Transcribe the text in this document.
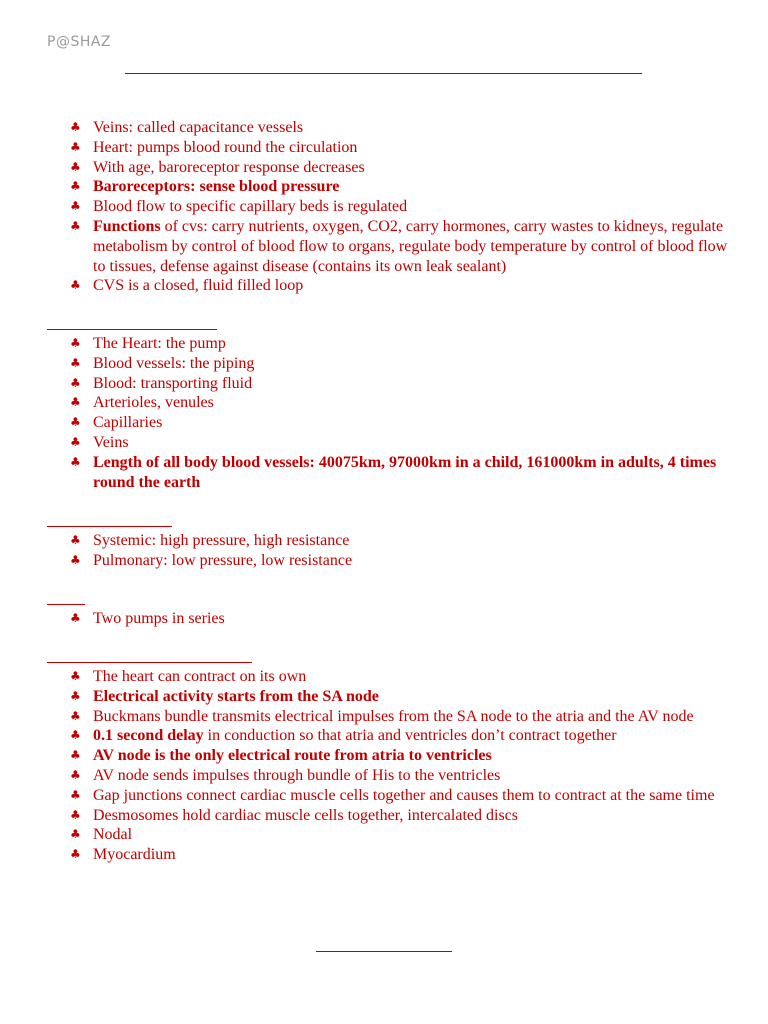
P@SHAZ
♣ Veins: called capacitance vessels
♣ Heart: pumps blood round the circulation
♣ With age, baroreceptor response decreases
♣ Baroreceptors: sense blood pressure
♣ Blood flow to specific capillary beds is regulated
♣ Functions of cvs: carry nutrients, oxygen, CO2, carry hormones, carry wastes to kidneys, regulate metabolism by control of blood flow to organs, regulate body temperature by control of blood flow to tissues, defense against disease (contains its own leak sealant)
♣ CVS is a closed, fluid filled loop
♣ The Heart: the pump
♣ Blood vessels: the piping
♣ Blood: transporting fluid
♣ Arterioles, venules
♣ Capillaries
♣ Veins
♣ Length of all body blood vessels: 40075km, 97000km in a child, 161000km in adults, 4 times round the earth
♣ Systemic: high pressure, high resistance
♣ Pulmonary: low pressure, low resistance
♣ Two pumps in series
♣ The heart can contract on its own
♣ Electrical activity starts from the SA node
♣ Buckmans bundle transmits electrical impulses from the SA node to the atria and the AV node
♣ 0.1 second delay in conduction so that atria and ventricles don’t contract together
♣ AV node is the only electrical route from atria to ventricles
♣ AV node sends impulses through bundle of His to the ventricles
♣ Gap junctions connect cardiac muscle cells together and causes them to contract at the same time
♣ Desmosomes hold cardiac muscle cells together, intercalated discs
♣ Nodal
♣ Myocardium
